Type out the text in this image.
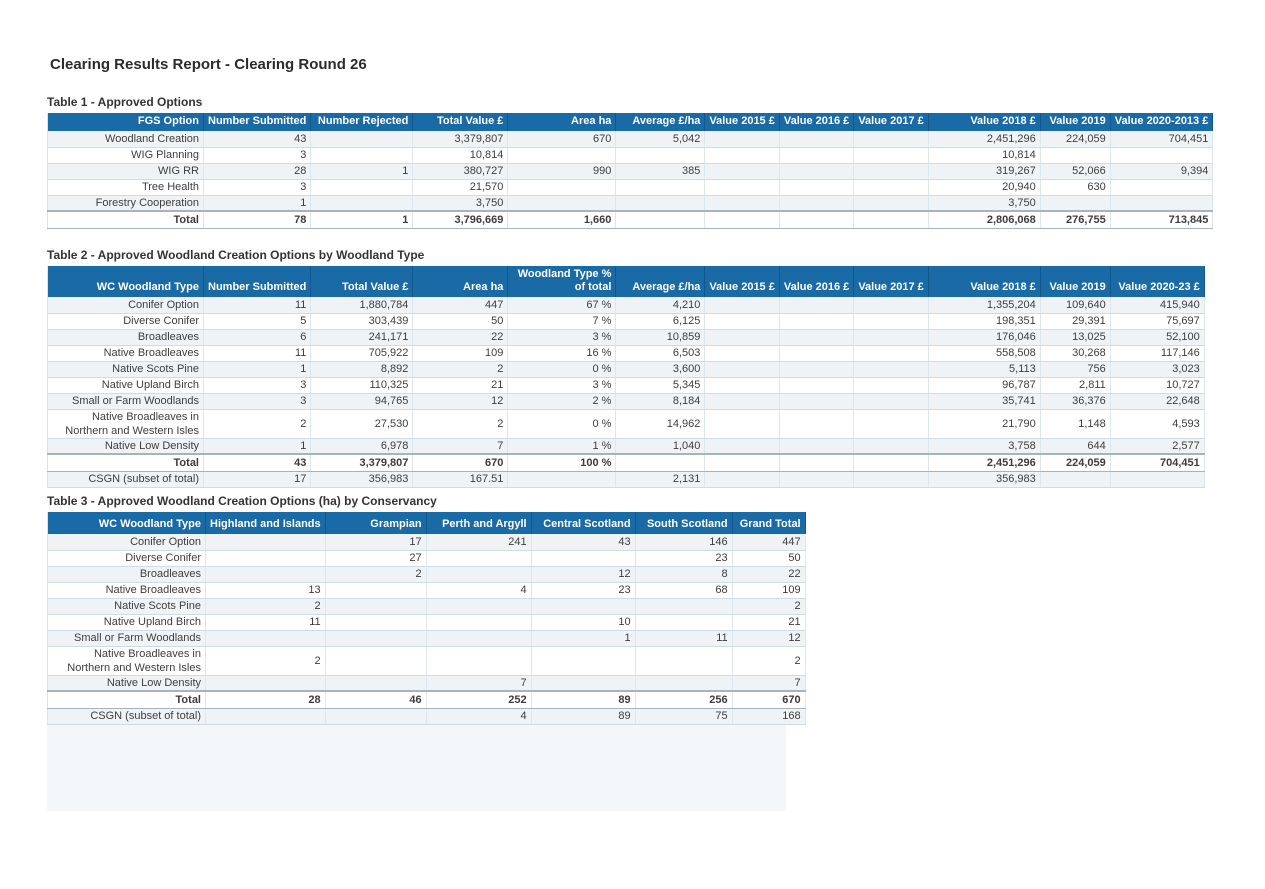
Clearing Results Report - Clearing Round 26
Table 1 - Approved Options
FGS Option	Number Submitted	Number Rejected	Total Value £	Area ha	Average £/ha	Value 2015 £	Value 2016 £	Value 2017 £	Value 2018 £	Value 2019	Value 2020-2013 £
Woodland Creation	43		3,379,807	670	5,042				2,451,296	224,059	704,451
WIG Planning	3		10,814						10,814		
WIG RR	28	1	380,727	990	385				319,267	52,066	9,394
Tree Health	3		21,570						20,940	630	
Forestry Cooperation	1		3,750						3,750		
Total	78	1	3,796,669	1,660					2,806,068	276,755	713,845
Table 2 - Approved Woodland Creation Options by Woodland Type
WC Woodland Type	Number Submitted	Total Value £	Area ha	Woodland Type % of total	Average £/ha	Value 2015 £	Value 2016 £	Value 2017 £	Value 2018 £	Value 2019	Value 2020-23 £
Conifer Option	11	1,880,784	447	67 %	4,210				1,355,204	109,640	415,940
Diverse Conifer	5	303,439	50	7 %	6,125				198,351	29,391	75,697
Broadleaves	6	241,171	22	3 %	10,859				176,046	13,025	52,100
Native Broadleaves	11	705,922	109	16 %	6,503				558,508	30,268	117,146
Native Scots Pine	1	8,892	2	0 %	3,600				5,113	756	3,023
Native Upland Birch	3	110,325	21	3 %	5,345				96,787	2,811	10,727
Small or Farm Woodlands	3	94,765	12	2 %	8,184				35,741	36,376	22,648
Native Broadleaves in Northern and Western Isles	2	27,530	2	0 %	14,962				21,790	1,148	4,593
Native Low Density	1	6,978	7	1 %	1,040				3,758	644	2,577
Total	43	3,379,807	670	100 %					2,451,296	224,059	704,451
CSGN (subset of total)	17	356,983	167.51		2,131				356,983		
Table 3 - Approved Woodland Creation Options (ha) by Conservancy
WC Woodland Type	Highland and Islands	Grampian	Perth and Argyll	Central Scotland	South Scotland	Grand Total
Conifer Option		17	241	43	146	447
Diverse Conifer		27			23	50
Broadleaves		2		12	8	22
Native Broadleaves	13		4	23	68	109
Native Scots Pine	2					2
Native Upland Birch	11			10		21
Small or Farm Woodlands				1	11	12
Native Broadleaves in Northern and Western Isles	2					2
Native Low Density			7			7
Total	28	46	252	89	256	670
CSGN (subset of total)			4	89	75	168
